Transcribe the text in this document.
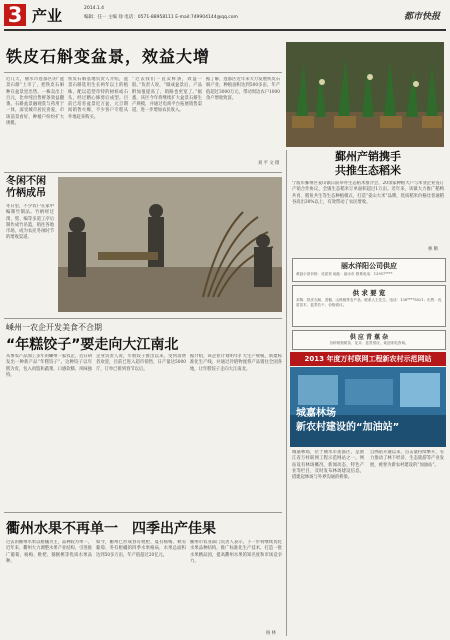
3 产业	2014.1.4
编辑：任一 主编 徐 电话：0571-88958111 E-mail:749904144@qq.com	都市快报
铁皮石斛变盆景，效益大增
近几天，丽水市莲都区的“盆景石斛”上市了，把铁皮石斛种在盆景里出售，一株卖出上百元，比单纯出售鲜条效益翻番。石斛盆景融观赏与药用于一体，深受城市居民喜爱，市场前景看好，种植户纷纷扩大规模。
铁皮石斛基地负责人介绍，盆景石斛选用生长两年以上的植株，配以造型奇特的树桩或石头，经过精心修剪后成型。目前已培育盆景近万盆，元旦期间销售火爆，不少客户专程从外地赶来购买。
“过去我们一直卖鲜条，效益一般。”负责人说，“做成盆景后，产品附加值提高了，销路也更宽了。”据悉，该区今年将继续扩大盆景石斛生产规模，并通过电商平台拓展销售渠道，进一步增加农民收入。
据了解，莲都区近年来大力发展铁皮石斛产业，种植面积达到500多亩，年产值超过3000万元，带动周边农户1000余户增收致富。
刘 平 文 摄
鄞州产销携手
共推生态稻米
宁波市鄞州区姜山镇日前举办生态稻米推介会，20余家种粮大户与米业企业签订产销合作协议，全镇生态稻米订单面积超过1万亩。近年来，该镇大力推广稻鸭共育、稻鱼共生等生态种植模式，打造“姜山大米”品牌，优质稻米价格比普通稻谷高出30%以上，有效带动了农民增收。
林 顺
冬闲不闲
竹柄成吊
冬日里，不少农户在家中编制竹制品。竹柄经过削、劈、编等多道工序后制作成竹吊篮，销往各地市场，成为农民冬闲时节的增收渠道。
丽水洋阳公司供应
黄菇小苗价格：优质松 地址：丽水市 联系电话：13957****
供 求 要 览
求购：铁皮石斛、香榧、山核桃等农产品，联系人王先生，电话：138****5821；出售：优质苗木、盆景若干，价格面议。
供 应 青 蕉 杂
各种规格树苗、花卉、盆景供应，欢迎来电咨询。
嵊州一农企开发美食不合期
“年糕饺子”要走向大江南北
从事农产品加工多年的嵊州一家农企，近日研发出一种新产品“年糕饺子”。这种饺子以年糕为皮，包入肉馅和蔬菜，口感软糯、风味独特。
企业负责人说，年糕饺子推出以来，受到消费者欢迎，目前已进入超市销售，日产量达5000斤，订单已排到春节以后。
据介绍，该企业计划明年扩大生产规模，新建标准化生产线，并通过冷链物流将产品销往全国各地，让年糕饺子走向大江南北。
2013 年度万村联网工程新农村示范网站
城嘉林场
新农村建设的“加油站”
城嘉林场，位于丽水市莲都区，是浙江省万村联网工程示范网站之一。网站设有林场概况、新闻动态、特色产业等栏目，及时发布林场建设信息，搭建起林场与外界沟通的桥梁。
自网站开通以来，点击量持续攀升，有力推动了林下经济、生态旅游等产业发展，被誉为新农村建设的“加油站”。
衢州水果不再单一　四季出产佳果
过去的衢州水果以柑橘为主，品种较为单一。近年来，衢州大力调整水果产业结构，引进推广葡萄、杨梅、枇杷、猕猴桃等优质水果品种。
如今，衢州已形成春有枇杷、夏有杨梅、秋有葡萄、冬有柑橘的四季水果格局，水果总面积达到50多万亩，年产值超过20亿元。
衢州市农业部门负责人表示，下一步将继续优化水果品种结构，推广标准化生产技术，打造一批水果精品园，提高衢州水果的知名度和市场竞争力。
杨 林
